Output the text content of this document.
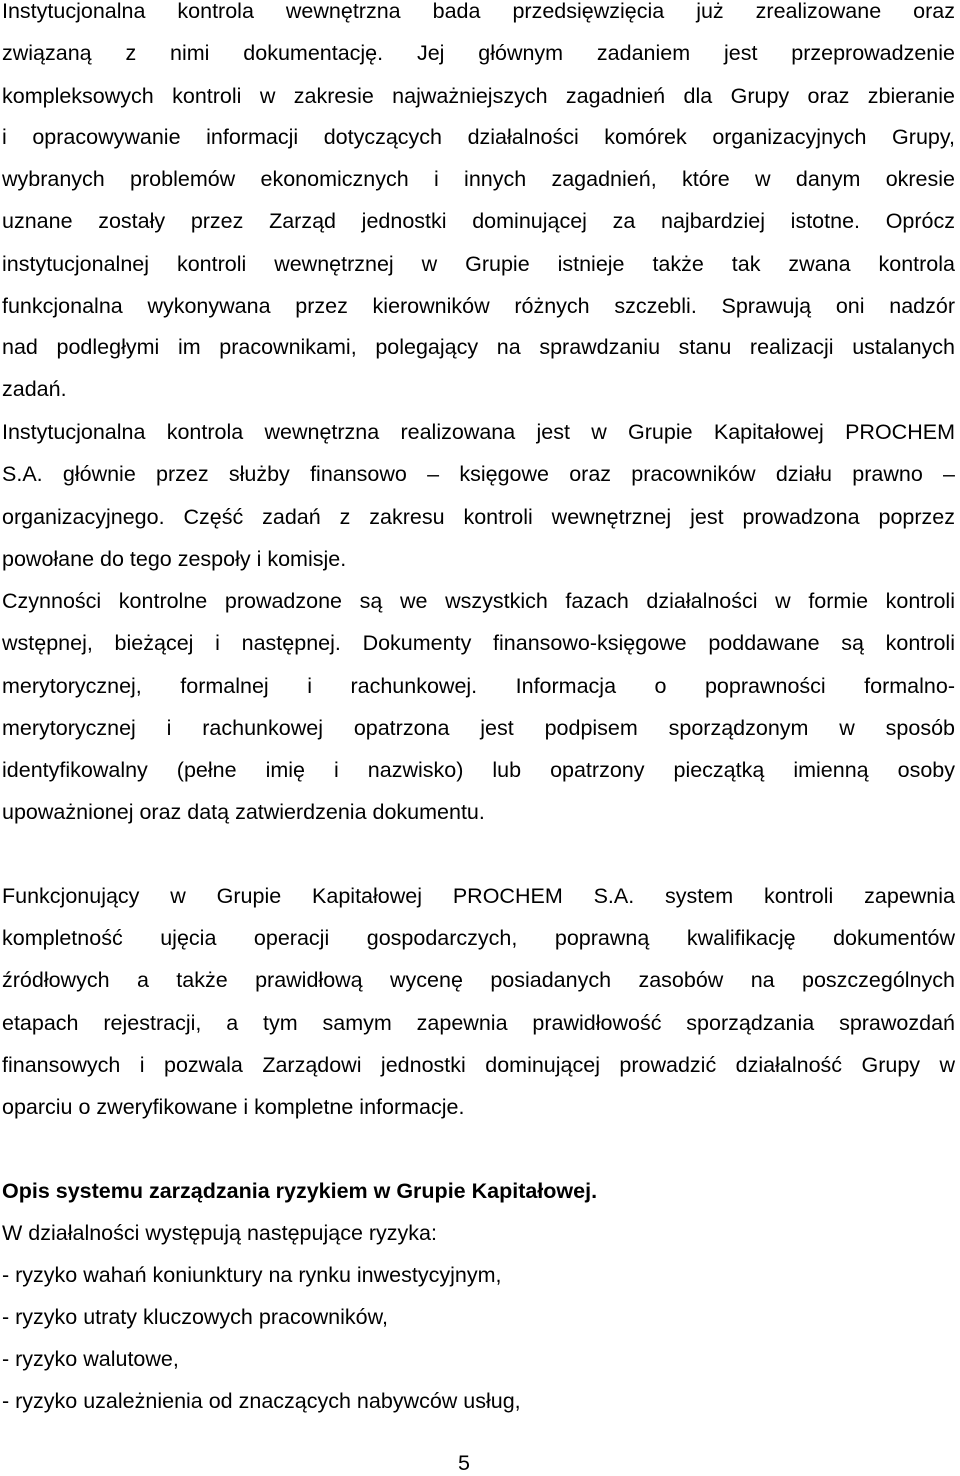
Instytucjonalna kontrola wewnętrzna bada przedsięwzięcia już zrealizowane oraz
związaną z nimi dokumentację. Jej głównym zadaniem jest przeprowadzenie
kompleksowych kontroli w zakresie najważniejszych zagadnień dla Grupy oraz zbieranie
i opracowywanie informacji dotyczących działalności komórek organizacyjnych Grupy,
wybranych problemów ekonomicznych i innych zagadnień, które w danym okresie
uznane zostały przez Zarząd jednostki dominującej za najbardziej istotne. Oprócz
instytucjonalnej kontroli wewnętrznej w Grupie istnieje także tak zwana kontrola
funkcjonalna wykonywana przez kierowników różnych szczebli. Sprawują oni nadzór
nad podległymi im pracownikami, polegający na sprawdzaniu stanu realizacji ustalanych
zadań.
Instytucjonalna kontrola wewnętrzna realizowana jest w Grupie Kapitałowej PROCHEM
S.A. głównie przez służby finansowo – księgowe oraz pracowników działu prawno –
organizacyjnego. Część zadań z zakresu kontroli wewnętrznej jest prowadzona poprzez
powołane do tego zespoły i komisje.
Czynności kontrolne prowadzone są we wszystkich fazach działalności w formie kontroli
wstępnej, bieżącej i następnej. Dokumenty finansowo-księgowe poddawane są kontroli
merytorycznej, formalnej i rachunkowej. Informacja o poprawności formalno-
merytorycznej i rachunkowej opatrzona jest podpisem sporządzonym w sposób
identyfikowalny (pełne imię i nazwisko) lub opatrzony pieczątką imienną osoby
upoważnionej oraz datą zatwierdzenia dokumentu.
Funkcjonujący w Grupie Kapitałowej PROCHEM S.A. system kontroli zapewnia
kompletność ujęcia operacji gospodarczych, poprawną kwalifikację dokumentów
źródłowych a także prawidłową wycenę posiadanych zasobów na poszczególnych
etapach rejestracji, a tym samym zapewnia prawidłowość sporządzania sprawozdań
finansowych i pozwala Zarządowi jednostki dominującej prowadzić działalność Grupy w
oparciu o zweryfikowane i kompletne informacje.
Opis systemu zarządzania ryzykiem w Grupie Kapitałowej.
W działalności występują następujące ryzyka:
- ryzyko wahań koniunktury na rynku inwestycyjnym,
- ryzyko utraty kluczowych pracowników,
- ryzyko walutowe,
- ryzyko uzależnienia od znaczących nabywców usług,
5
